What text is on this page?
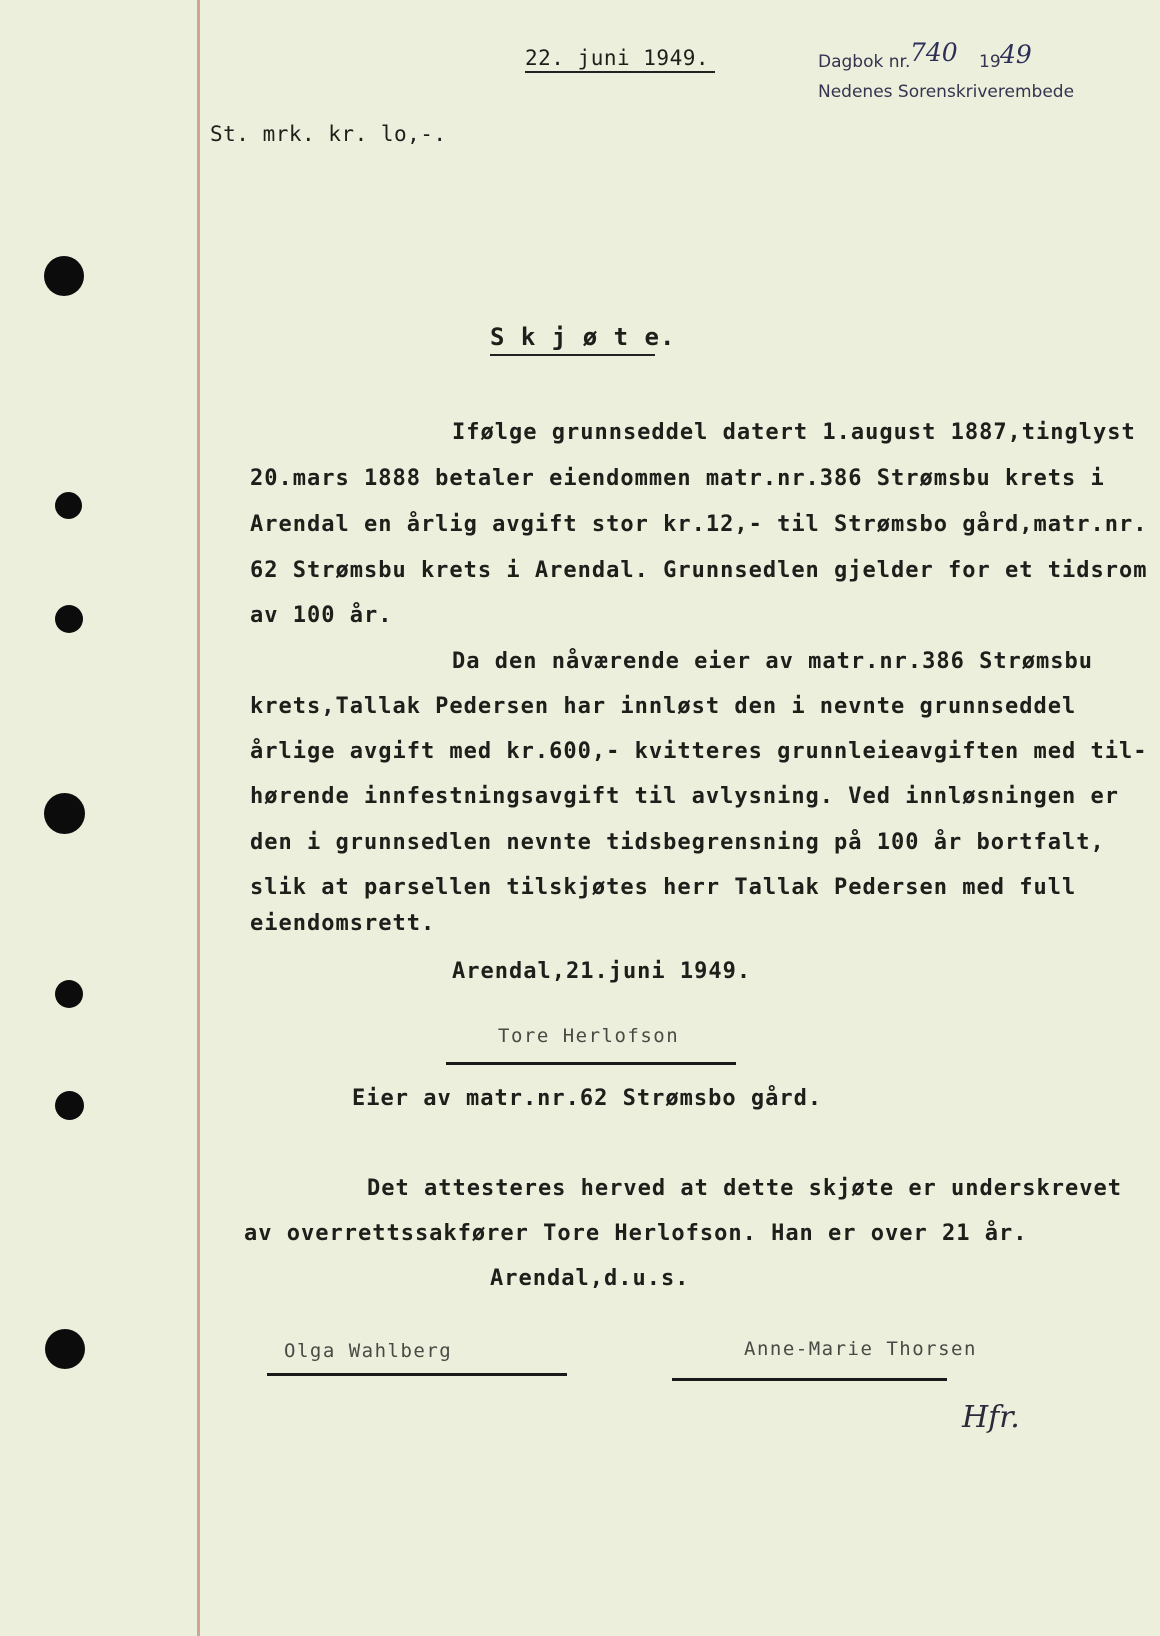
22. juni 1949.	Dagbok nr. 740 19 49
Nedenes Sorenskriverembede
St. mrk. kr. lo,-.
S k j ø t e.
Ifølge grunnseddel datert 1.august 1887,tinglyst
20.mars 1888 betaler eiendommen matr.nr.386 Strømsbu krets i
Arendal en årlig avgift stor kr.12,- til Strømsbo gård,matr.nr.
62 Strømsbu krets i Arendal. Grunnsedlen gjelder for et tidsrom
av 100 år.
Da den nåværende eier av matr.nr.386 Strømsbu
krets,Tallak Pedersen har innløst den i nevnte grunnseddel
årlige avgift med kr.600,- kvitteres grunnleieavgiften med til-
hørende innfestningsavgift til avlysning. Ved innløsningen er
den i grunnsedlen nevnte tidsbegrensning på 100 år bortfalt,
slik at parsellen tilskjøtes herr Tallak Pedersen med full
eiendomsrett.
Arendal,21.juni 1949.
Tore Herlofson
Eier av matr.nr.62 Strømsbo gård.
Det attesteres herved at dette skjøte er underskrevet
av overrettssakfører Tore Herlofson. Han er over 21 år.
Arendal,d.u.s.
Olga Wahlberg	Anne-Marie Thorsen
Hfr.
